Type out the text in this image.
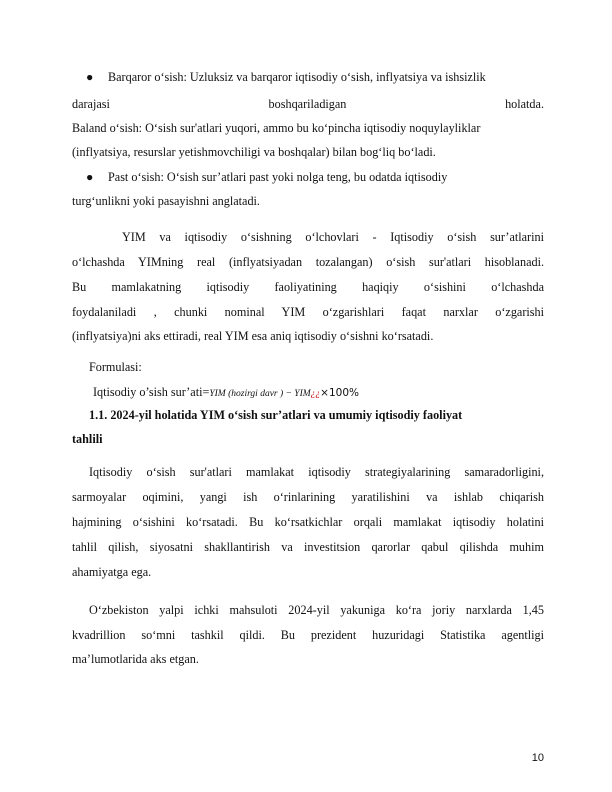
● Barqaror o‘sish: Uzluksiz va barqaror iqtisodiy o‘sish, inflyatsiya va ishsizlik
darajasi boshqariladigan holatda.
Baland o‘sish: O‘sish sur'atlari yuqori, ammo bu ko‘pincha iqtisodiy noquylayliklar
(inflyatsiya, resurslar yetishmovchiligi va boshqalar) bilan bog‘liq bo‘ladi.
● Past o‘sish: O‘sish sur’atlari past yoki nolga teng, bu odatda iqtisodiy
turg‘unlikni yoki pasayishni anglatadi.
YIM va iqtisodiy o‘sishning o‘lchovlari - Iqtisodiy o‘sish sur’atlarini
o‘lchashda YIMning real (inflyatsiyadan tozalangan) o‘sish sur'atlari hisoblanadi.
Bu mamlakatning iqtisodiy faoliyatining haqiqiy o‘sishini o‘lchashda
foydalaniladi , chunki nominal YIM o‘zgarishlari faqat narxlar o‘zgarishi
(inflyatsiya)ni aks ettiradi, real YIM esa aniq iqtisodiy o‘sishni ko‘rsatadi.
Formulasi:
Iqtisodiy o’sish sur’ati=YIM (hozirgi davr ) − YIM¿¿×100%
1.1. 2024-yil holatida YIM o‘sish sur’atlari va umumiy iqtisodiy faoliyat
tahlili
Iqtisodiy o‘sish sur'atlari mamlakat iqtisodiy strategiyalarining samaradorligini,
sarmoyalar oqimini, yangi ish o‘rinlarining yaratilishini va ishlab chiqarish
hajmining o‘sishini ko‘rsatadi. Bu ko‘rsatkichlar orqali mamlakat iqtisodiy holatini
tahlil qilish, siyosatni shakllantirish va investitsion qarorlar qabul qilishda muhim
ahamiyatga ega.
O‘zbekiston yalpi ichki mahsuloti 2024-yil yakuniga ko‘ra joriy narxlarda 1,45
kvadrillion so‘mni tashkil qildi. Bu prezident huzuridagi Statistika agentligi
ma’lumotlarida aks etgan.
10
